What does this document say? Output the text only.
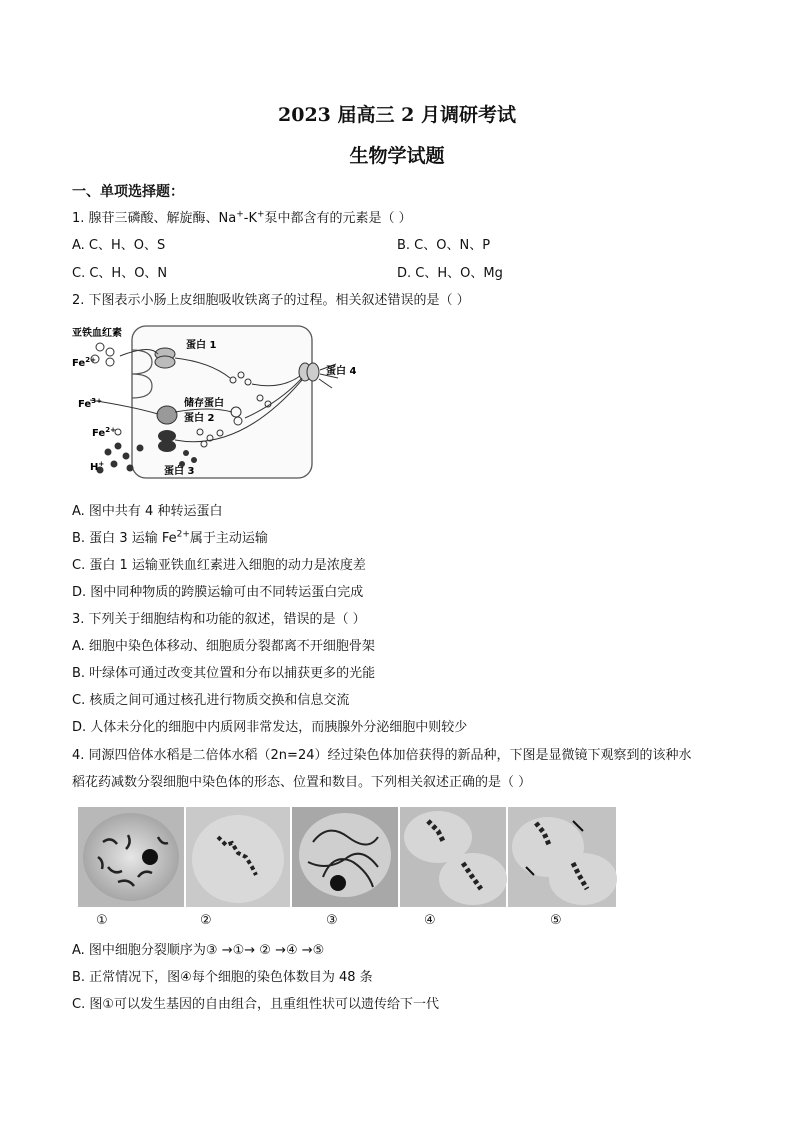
2023 届高三 2 月调研考试
生物学试题
一、单项选择题：
1. 腺苷三磷酸、解旋酶、Na+-K+泵中都含有的元素是（ ）
A. C、H、O、S	B. C、O、N、P
C. C、H、O、N	D. C、H、O、Mg
2. 下图表示小肠上皮细胞吸收铁离子的过程。相关叙述错误的是（ ）
亚铁血红素
$Fe^{2+}$
$Fe^{3+}$
$Fe^{2+}$
H+
蛋白 1
储存蛋白
蛋白 2
蛋白 3
蛋白 4
A. 图中共有 4 种转运蛋白
B. 蛋白 3 运输 $Fe^{2+}$属于主动运输
C. 蛋白 1 运输亚铁血红素进入细胞的动力是浓度差
D. 图中同种物质的跨膜运输可由不同转运蛋白完成
3. 下列关于细胞结构和功能的叙述，错误的是（ ）
A. 细胞中染色体移动、细胞质分裂都离不开细胞骨架
B. 叶绿体可通过改变其位置和分布以捕获更多的光能
C. 核质之间可通过核孔进行物质交换和信息交流
D. 人体未分化的细胞中内质网非常发达，而胰腺外分泌细胞中则较少
4. 同源四倍体水稻是二倍体水稻（2n=24）经过染色体加倍获得的新品种，下图是显微镜下观察到的该种水
稻花药减数分裂细胞中染色体的形态、位置和数目。下列相关叙述正确的是（ ）
①	②	③	④	⑤
A. 图中细胞分裂顺序为③ →①→ ② →④ →⑤
B. 正常情况下，图④每个细胞的染色体数目为 48 条
C. 图①可以发生基因的自由组合，且重组性状可以遗传给下一代
